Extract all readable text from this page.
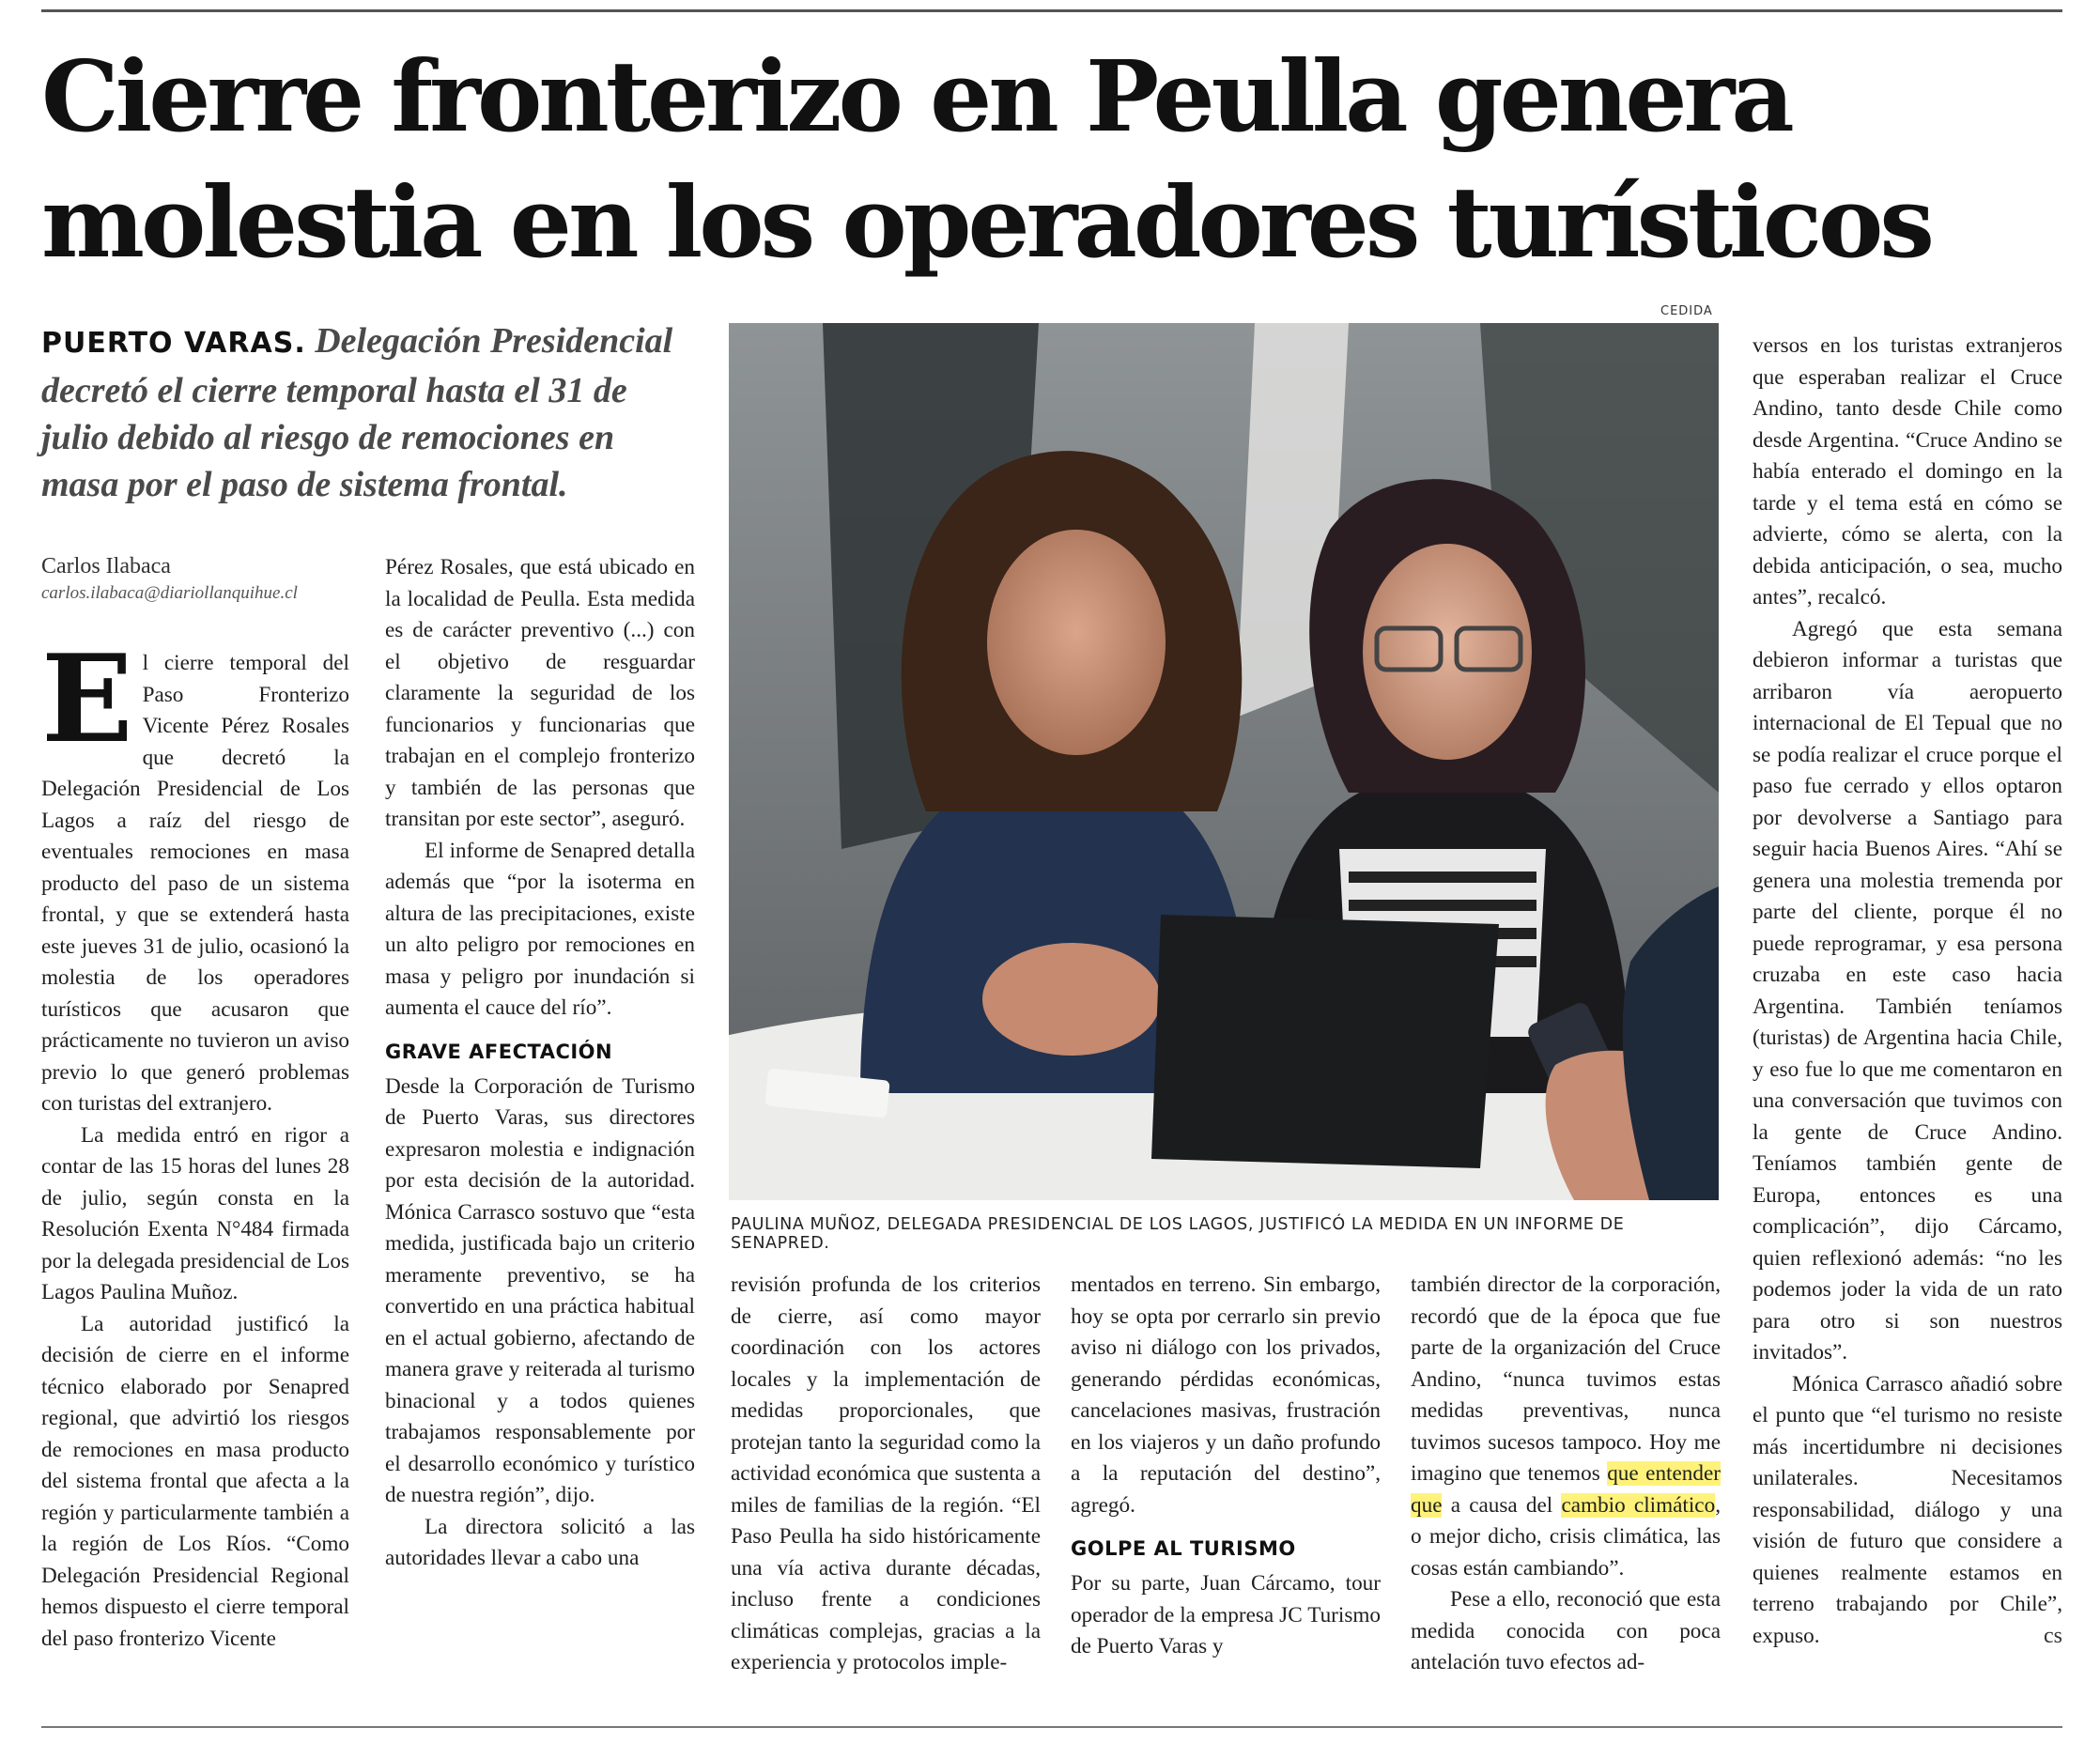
Cierre fronterizo en Peulla genera molestia en los operadores turísticos

PUERTO VARAS. Delegación Presidencial decretó el cierre temporal hasta el 31 de julio debido al riesgo de remociones en masa por el paso de sistema frontal.

Carlos Ilabaca
carlos.ilabaca@diariollanquihue.cl

El cierre temporal del Paso Fronterizo Vicente Pérez Rosales que decretó la Delegación Presidencial de Los Lagos a raíz del riesgo de eventuales remociones en masa producto del paso de un sistema frontal, y que se extenderá hasta este jueves 31 de julio, ocasionó la molestia de los operadores turísticos que acusaron que prácticamente no tuvieron un aviso previo lo que generó problemas con turistas del extranjero.

La medida entró en rigor a contar de las 15 horas del lunes 28 de julio, según consta en la Resolución Exenta N°484 firmada por la delegada presidencial de Los Lagos Paulina Muñoz.

La autoridad justificó la decisión de cierre en el informe técnico elaborado por Senapred regional, que advirtió los riesgos de remociones en masa producto del sistema frontal que afecta a la región y particularmente también a la región de Los Ríos. “Como Delegación Presidencial Regional hemos dispuesto el cierre temporal del paso fronterizo Vicente

Pérez Rosales, que está ubicado en la localidad de Peulla. Esta medida es de carácter preventivo (...) con el objetivo de resguardar claramente la seguridad de los funcionarios y funcionarias que trabajan en el complejo fronterizo y también de las personas que transitan por este sector”, aseguró.

El informe de Senapred detalla además que “por la isoterma en altura de las precipitaciones, existe un alto peligro por remociones en masa y peligro por inundación si aumenta el cauce del río”.

GRAVE AFECTACIÓN

Desde la Corporación de Turismo de Puerto Varas, sus directores expresaron molestia e indignación por esta decisión de la autoridad. Mónica Carrasco sostuvo que “esta medida, justificada bajo un criterio meramente preventivo, se ha convertido en una práctica habitual en el actual gobierno, afectando de manera grave y reiterada al turismo binacional y a todos quienes trabajamos responsablemente por el desarrollo económico y turístico de nuestra región”, dijo.

La directora solicitó a las autoridades llevar a cabo una

CEDIDA
PAULINA MUÑOZ, DELEGADA PRESIDENCIAL DE LOS LAGOS, JUSTIFICÓ LA MEDIDA EN UN INFORME DE SENAPRED.

revisión profunda de los criterios de cierre, así como mayor coordinación con los actores locales y la implementación de medidas proporcionales, que protejan tanto la seguridad como la actividad económica que sustenta a miles de familias de la región. “El Paso Peulla ha sido históricamente una vía activa durante décadas, incluso frente a condiciones climáticas complejas, gracias a la experiencia y protocolos imple-

mentados en terreno. Sin embargo, hoy se opta por cerrarlo sin previo aviso ni diálogo con los privados, generando pérdidas económicas, cancelaciones masivas, frustración en los viajeros y un daño profundo a la reputación del destino”, agregó.

GOLPE AL TURISMO

Por su parte, Juan Cárcamo, tour operador de la empresa JC Turismo de Puerto Varas y

también director de la corporación, recordó que de la época que fue parte de la organización del Cruce Andino, “nunca tuvimos estas medidas preventivas, nunca tuvimos sucesos tampoco. Hoy me imagino que tenemos que entender que a causa del cambio climático, o mejor dicho, crisis climática, las cosas están cambiando”.

Pese a ello, reconoció que esta medida conocida con poca antelación tuvo efectos ad-

versos en los turistas extranjeros que esperaban realizar el Cruce Andino, tanto desde Chile como desde Argentina. “Cruce Andino se había enterado el domingo en la tarde y el tema está en cómo se advierte, cómo se alerta, con la debida anticipación, o sea, mucho antes”, recalcó.

Agregó que esta semana debieron informar a turistas que arribaron vía aeropuerto internacional de El Tepual que no se podía realizar el cruce porque el paso fue cerrado y ellos optaron por devolverse a Santiago para seguir hacia Buenos Aires. “Ahí se genera una molestia tremenda por parte del cliente, porque él no puede reprogramar, y esa persona cruzaba en este caso hacia Argentina. También teníamos (turistas) de Argentina hacia Chile, y eso fue lo que me comentaron en una conversación que tuvimos con la gente de Cruce Andino. Teníamos también gente de Europa, entonces es una complicación”, dijo Cárcamo, quien reflexionó además: “no les podemos joder la vida de un rato para otro si son nuestros invitados”.

Mónica Carrasco añadió sobre el punto que “el turismo no resiste más incertidumbre ni decisiones unilaterales. Necesitamos responsabilidad, diálogo y una visión de futuro que considere a quienes realmente estamos en terreno trabajando por Chile”, expuso.	cs
